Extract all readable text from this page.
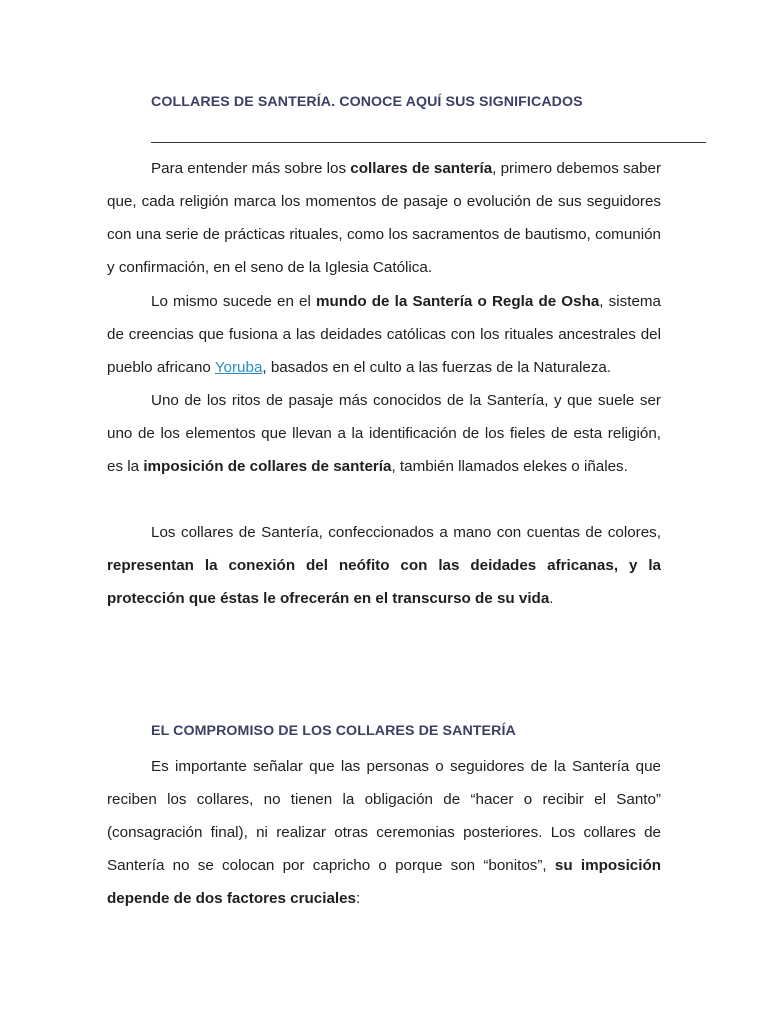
COLLARES DE SANTERÍA. CONOCE AQUÍ SUS SIGNIFICADOS

Para entender más sobre los collares de santería, primero debemos saber que, cada religión marca los momentos de pasaje o evolución de sus seguidores con una serie de prácticas rituales, como los sacramentos de bautismo, comunión y confirmación, en el seno de la Iglesia Católica.

Lo mismo sucede en el mundo de la Santería o Regla de Osha, sistema de creencias que fusiona a las deidades católicas con los rituales ancestrales del pueblo africano Yoruba, basados en el culto a las fuerzas de la Naturaleza.

Uno de los ritos de pasaje más conocidos de la Santería, y que suele ser uno de los elementos que llevan a la identificación de los fieles de esta religión, es la imposición de collares de santería, también llamados elekes o iñales.

Los collares de Santería, confeccionados a mano con cuentas de colores, representan la conexión del neófito con las deidades africanas, y la protección que éstas le ofrecerán en el transcurso de su vida.

EL COMPROMISO DE LOS COLLARES DE SANTERÍA

Es importante señalar que las personas o seguidores de la Santería que reciben los collares, no tienen la obligación de “hacer o recibir el Santo” (consagración final), ni realizar otras ceremonias posteriores. Los collares de Santería no se colocan por capricho o porque son “bonitos”, su imposición depende de dos factores cruciales:
